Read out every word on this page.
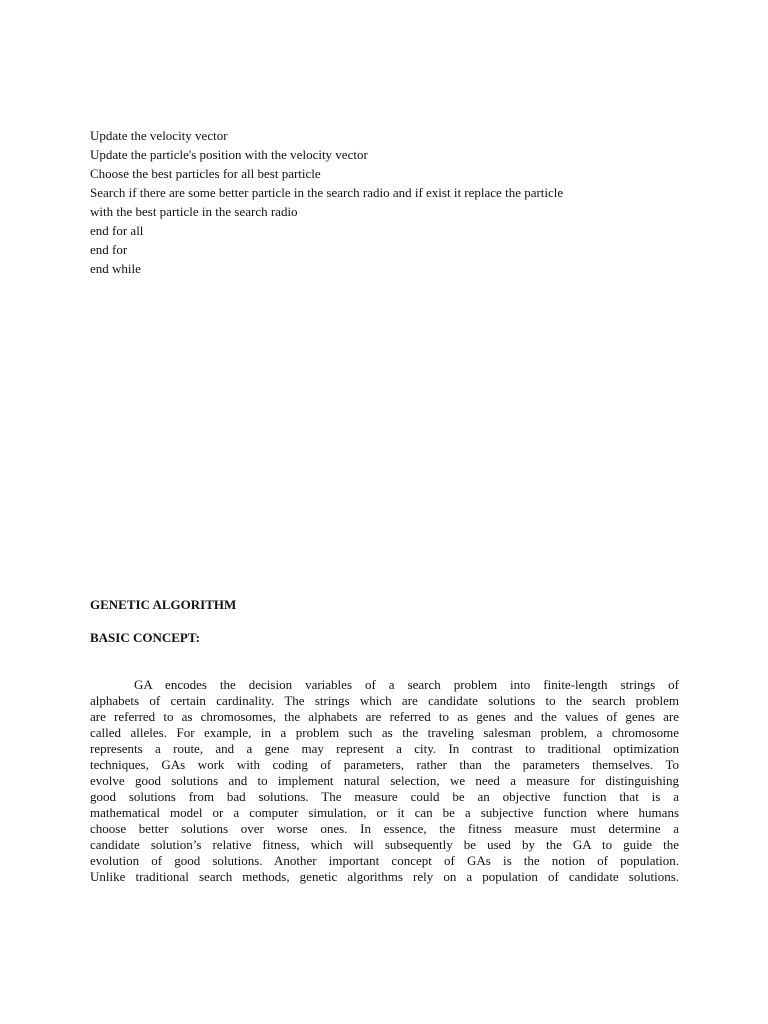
Update the velocity vector
Update the particle's position with the velocity vector
Choose the best particles for all best particle
Search if there are some better particle in the search radio and if exist it replace the particle
with the best particle in the search radio
end for all
end for
end while
GENETIC ALGORITHM
BASIC CONCEPT:
GA encodes the decision variables of a search problem into finite-length strings of
alphabets of certain cardinality. The strings which are candidate solutions to the search problem
are referred to as chromosomes, the alphabets are referred to as genes and the values of genes are
called alleles. For example, in a problem such as the traveling salesman problem, a chromosome
represents a route, and a gene may represent a city. In contrast to traditional optimization
techniques, GAs work with coding of parameters, rather than the parameters themselves. To
evolve good solutions and to implement natural selection, we need a measure for distinguishing
good solutions from bad solutions. The measure could be an objective function that is a
mathematical model or a computer simulation, or it can be a subjective function where humans
choose better solutions over worse ones. In essence, the fitness measure must determine a
candidate solution’s relative fitness, which will subsequently be used by the GA to guide the
evolution of good solutions. Another important concept of GAs is the notion of population.
Unlike traditional search methods, genetic algorithms rely on a population of candidate solutions.
